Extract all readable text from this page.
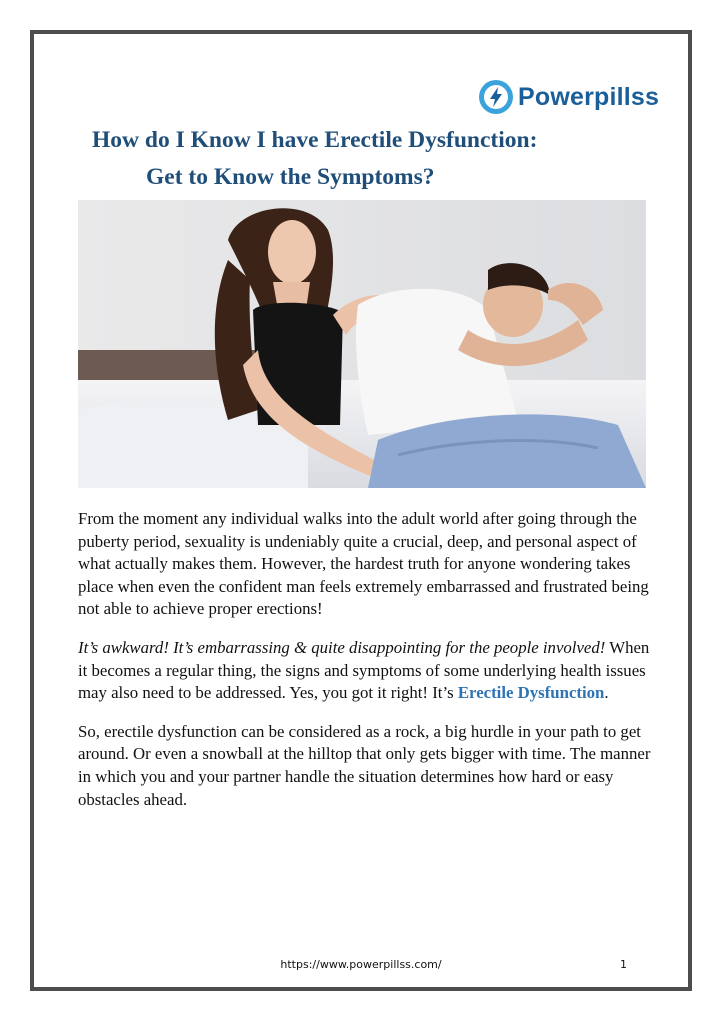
Powerpillss
How do I Know I have Erectile Dysfunction:
Get to Know the Symptoms?

From the moment any individual walks into the adult world after going through the puberty period, sexuality is undeniably quite a crucial, deep, and personal aspect of what actually makes them. However, the hardest truth for anyone wondering takes place when even the confident man feels extremely embarrassed and frustrated being not able to achieve proper erections!

It’s awkward! It’s embarrassing & quite disappointing for the people involved! When it becomes a regular thing, the signs and symptoms of some underlying health issues may also need to be addressed. Yes, you got it right! It’s Erectile Dysfunction.

So, erectile dysfunction can be considered as a rock, a big hurdle in your path to get around. Or even a snowball at the hilltop that only gets bigger with time. The manner in which you and your partner handle the situation determines how hard or easy obstacles ahead.

https://www.powerpillss.com/	1
